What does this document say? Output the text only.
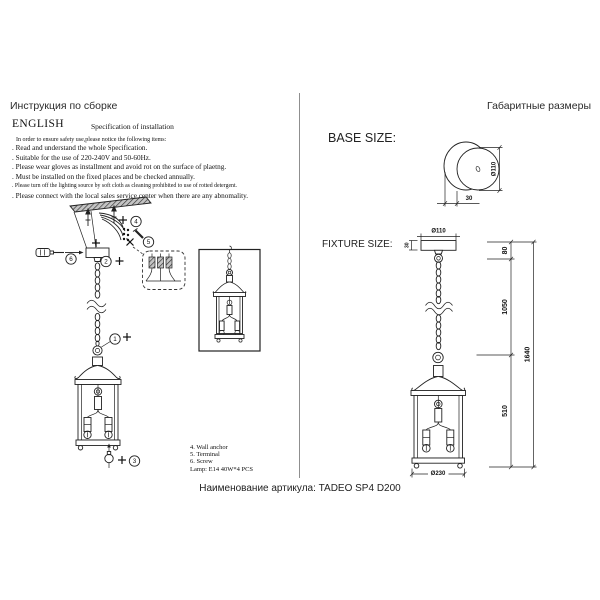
Инструкция по сборке	Габаритные размеры
ENGLISH	Specification of installation
In order to ensure safety use,please notice the following items:
. Read and understand the whole Specification.
. Suitable for the use of 220-240V and 50-60Hz.
. Please wear gloves as installment and avoid rot on the surface of plaetng.
. Must be installed on the fixed places and be checked annually.
. Please turn off the lighting source by soft cloth as cleaning prohibited to use of rotted detergent.
. Please connect with the local sales service center when there are any abnomality.
4
5
6	2
1
3
4. Wall anchor
5. Terminal
6. Screw
Lamp: E14 40W*4 PCS
BASE SIZE:
FIXTURE SIZE:
Ø110
30
Ø110
30
Ø230
80
1050
510
1640
Наименование артикула: TADEO SP4 D200
